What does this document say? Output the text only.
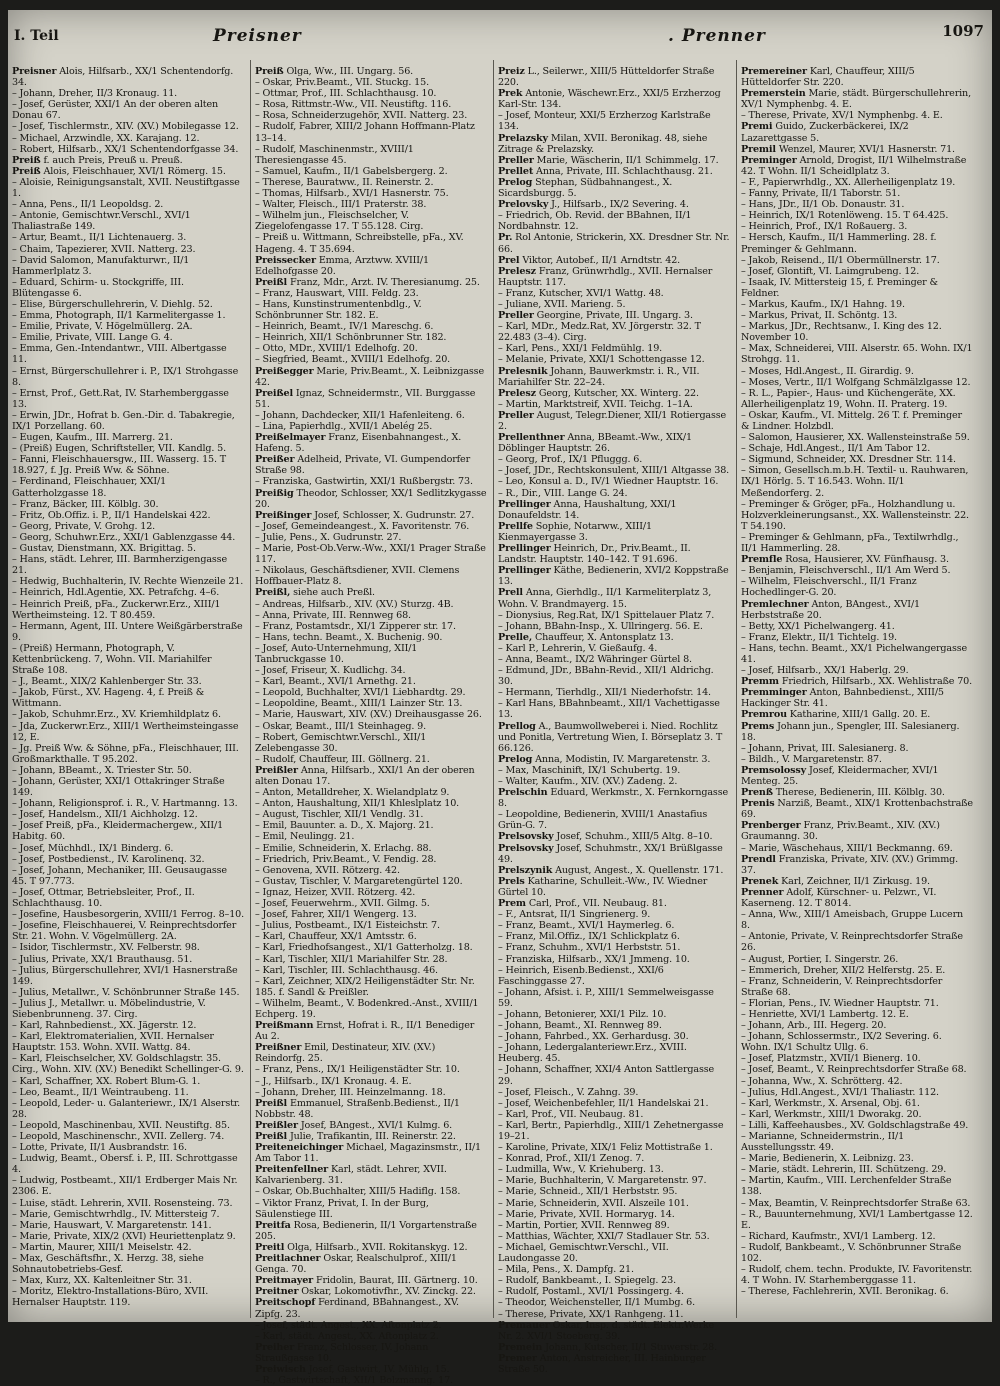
I. Teil	Preisner	. Prenner	1097
Preisner Alois, Hilfsarb., XX/1 Schentendorfg. 34.
– Johann, Dreher, II/3 Kronaug. 11.
– Josef, Gerüster, XXI/1 An der oberen alten Donau 67.
– Josef, Tischlermstr., XIV. (XV.) Mobilegasse 12.
– Michael, Arzwindle, XX. Karajang. 12.
– Robert, Hilfsarb., XX/1 Schentendorfgasse 34.
Preiß f. auch Preis, Preuß u. Preuß.
Preiß Alois, Fleischhauer, XVI/1 Römerg. 15.
– Aloisie, Reinigungsanstalt, XVII. Neustiftgasse 1.
– Anna, Pens., II/1 Leopoldsg. 2.
– Antonie, Gemischtwr.Verschl., XVI/1 Thaliastraße 149.
– Artur, Beamt., II/1 Lichtenauerg. 3.
– Chaim, Tapezierer, XVII. Natterg. 23.
– David Salomon, Manufakturwr., II/1 Hammerlplatz 3.
– Eduard, Schirm- u. Stockgriffe, III. Blütengasse 6.
– Elise, Bürgerschullehrerin, V. Diehlg. 52.
– Emma, Photograph, II/1 Karmelitergasse 1.
– Emilie, Private, V. Högelmüllerg. 2A.
– Emilie, Private, VIII. Lange G. 4.
– Emma, Gen.-Intendantwr., VIII. Albertgasse 11.
– Ernst, Bürgerschullehrer i. P., IX/1 Strohgasse 8.
– Ernst, Prof., Gett.Rat, IV. Starhemberggasse 13.
– Erwin, JDr., Hofrat b. Gen.-Dir. d. Tabakregie, IX/1 Porzellang. 60.
– Eugen, Kaufm., III. Marrerg. 21.
– (Preiß) Eugen, Schriftsteller, VII. Kandlg. 5.
– Fanni, Fleischhauersgw., III. Wasserg. 15. T 18.927, f. Jg. Preiß Ww. & Söhne.
– Ferdinand, Fleischhauer, XXI/1 Gatterholzgasse 18.
– Franz, Bäcker, III. Kölblg. 30.
– Fritz, Ob.Offiz. i. P., II/1 Handelskai 422.
– Georg, Private, V. Grohg. 12.
– Georg, Schuhwr.Erz., XXI/1 Gablenzgasse 44.
– Gustav, Dienstmann, XX. Brigittag. 5.
– Hans, städt. Lehrer, III. Barmherzigengasse 21.
– Hedwig, Buchhalterin, IV. Rechte Wienzeile 21.
– Heinrich, Hdl.Agentie, XX. Petrafchg. 4–6.
– Heinrich Preiß, pFa., Zuckerwr.Erz., XIII/1 Wertheimsteing. 12. T 80.459.
– Hermann, Agent, III. Untere Weißgärberstraße 9.
– (Preiß) Hermann, Photograph, V. Kettenbrückeng. 7, Wohn. VII. Mariahilfer Straße 108.
– J., Beamt., XIX/2 Kahlenberger Str. 33.
– Jakob, Fürst., XV. Hageng. 4, f. Preiß & Wittmann.
– Jakob, Schuhmr.Erz., XV. Kriemhildplatz 6.
– Jda, Zuckerwr.Erz., XIII/1 Wertheimsteingasse 12, E.
– Jg. Preiß Ww. & Söhne, pFa., Fleischhauer, III. Großmarkthalle. T 95.202.
– Johann, BBeamt., X. Triester Str. 50.
– Johann, Gerüster, XXI/1 Ottakringer Straße 149.
– Johann, Religionsprof. i. R., V. Hartmanng. 13.
– Josef, Handelsm., XII/1 Aichholzg. 12.
– Josef Preiß, pFa., Kleidermachergew., XII/1 Habitg. 60.
– Josef, Müchhdl., IX/1 Binderg. 6.
– Josef, Postbedienst., IV. Karolinenq. 32.
– Josef, Johann, Mechaniker, III. Geusaugasse 45. T 97.773.
– Josef, Ottmar, Betriebsleiter, Prof., II. Schlachthausg. 10.
– Josefine, Hausbesorgerin, XVIII/1 Ferrog. 8–10.
– Josefine, Fleischhauerei, V. Reinprechtsdorfer Str. 21. Wohn. V. Vögelmüllerg. 2A.
– Isidor, Tischlermstr., XV. Felberstr. 98.
– Julius, Private, XX/1 Brauthausg. 51.
– Julius, Bürgerschullehrer, XVI/1 Hasnerstraße 149.
– Julius, Metallwr., V. Schönbrunner Straße 145.
– Julius J., Metallwr. u. Möbelindustrie, V. Siebenbrunneng. 37. Cirg.
– Karl, Rahnbedienst., XX. Jägerstr. 12.
– Karl, Elektromaterialien, XVII. Hernalser Hauptstr. 153. Wohn. XVII. Wattg. 84.
– Karl, Fleischselcher, XV. Goldschlagstr. 35. Cirg., Wohn. XIV. (XV.) Benedikt Schellinger-G. 9.
– Karl, Schaffner, XX. Robert Blum-G. 1.
– Leo, Beamt., II/1 Weintraubeng. 11.
– Leopold, Leder- u. Galanteriewr., IX/1 Alserstr. 28.
– Leopold, Maschinenbau, XVII. Neustiftg. 85.
– Leopold, Maschinenschr., XVII. Zellerg. 74.
– Lotte, Private, II/1 Ausbrandstr. 16.
– Ludwig, Beamt., Obersf. i. P., III. Schrottgasse 4.
– Ludwig, Postbeamt., XII/1 Erdberger Mais Nr. 2306. E.
– Luise, städt. Lehrerin, XVII. Rosensteing. 73.
– Marie, Gemischtwrhdlg., IV. Mittersteig 7.
– Marie, Hauswart, V. Margaretenstr. 141.
– Marie, Private, XIX/2 (XVI) Heuriettenplatz 9.
– Martin, Maurer, XIII/1 Meiselstr. 42.
– Max, Geschäftsfhr., X. Herzg. 38, siehe Sohnautobetriebs-Gesf.
– Max, Kurz, XX. Kaltenleitner Str. 31.
– Moritz, Elektro-Installations-Büro, XVII. Hernalser Hauptstr. 119.
Preiß Olga, Ww., III. Ungarg. 56.
– Oskar, Priv.Beamt., VII. Stuckg. 15.
– Ottmar, Prof., III. Schlachthausg. 10.
– Rosa, Rittmstr.-Ww., VII. Neustiftg. 116.
– Rosa, Schneiderzugehör, XVII. Natterg. 23.
– Rudolf, Fabrer, XIII/2 Johann Hoffmann-Platz 13–14.
– Rudolf, Maschinenmstr., XVIII/1 Theresiengasse 45.
– Samuel, Kaufm., II/1 Gabelsbergerg. 2.
– Therese, Bauratww., II. Reinerstr. 2.
– Thomas, Hilfsarb., XVI/1 Hasnerstr. 75.
– Walter, Fleisch., III/1 Praterstr. 38.
– Wilhelm jun., Fleischselcher, V. Ziegelofengasse 17. T 55.128. Cirg.
– Preiß u. Wittmann, Schreibstelle, pFa., XV. Hageng. 4. T 35.694.
Preissecker Emma, Arztww. XVIII/1 Edelhofgasse 20.
Preißl Franz, Mdr., Arzt. IV. Theresianumg. 25.
– Franz, Hauswart, VIII. Feldg. 23.
– Hans, Kunstinstrumentenbdlg., V. Schönbrunner Str. 182. E.
– Heinrich, Beamt., IV/1 Mareschg. 6.
– Heinrich, XII/1 Schönbrunner Str. 182.
– Otto, MDr., XVIII/1 Edelhofg. 20.
– Siegfried, Beamt., XVIII/1 Edelhofg. 20.
Preißegger Marie, Priv.Beamt., X. Leibnizgasse 42.
Preißel Ignaz, Schneidermstr., VII. Burggasse 51.
– Johann, Dachdecker, XII/1 Hafenleiteng. 6.
– Lina, Papierhdlg., XVII/1 Abelég 25.
Preißelmayer Franz, Eisenbahnangest., X. Hafeng. 5.
Preißer Adelheid, Private, VI. Gumpendorfer Straße 98.
– Franziska, Gastwirtin, XXI/1 Rußbergstr. 73.
Preißig Theodor, Schlosser, XX/1 Sedlitzkygasse 20.
Preißinger Josef, Schlosser, X. Gudrunstr. 27.
– Josef, Gemeindeangest., X. Favoritenstr. 76.
– Julie, Pens., X. Gudrunstr. 27.
– Marie, Post-Ob.Verw.-Ww., XXI/1 Prager Straße 117.
– Nikolaus, Geschäftsdiener, XVII. Clemens Hoffbauer-Platz 8.
Preißl, siehe auch Preßl.
– Andreas, Hilfsarb., XIV. (XV.) Sturzg. 4B.
– Anna, Private, III. Rennweg 68.
– Franz, Postamtsdr., XI/1 Zipperer str. 17.
– Hans, techn. Beamt., X. Buchenig. 90.
– Josef, Auto-Unternehmung, XII/1 Tanbruckgasse 10.
– Josef, Friseur, X. Kudlichg. 34.
– Karl, Beamt., XVI/1 Arnethg. 21.
– Leopold, Buchhalter, XVI/1 Liebhardtg. 29.
– Leopoldine, Beamt., XIII/1 Lainzer Str. 13.
– Marie, Hauswart, XIV. (XV.) Dreihausgasse 26.
– Oskar, Beamt., III/1 Steinhageg. 9.
– Robert, Gemischtwr.Verschl., XII/1 Zelebengasse 30.
– Rudolf, Chauffeur, III. Göllnerg. 21.
Preißler Anna, Hilfsarb., XXI/1 An der oberen alten Donau 17.
– Anton, Metalldreher, X. Wielandplatz 9.
– Anton, Haushaltung, XII/1 Khleslplatz 10.
– August, Tischler, XII/1 Vendlg. 31.
– Emil, Bauunter. a. D., X. Majorg. 21.
– Emil, Neulingg. 21.
– Emilie, Schneiderin, X. Erlachg. 88.
– Friedrich, Priv.Beamt., V. Fendig. 28.
– Genovena, XVII. Rötzerg. 42.
– Gustav, Tischler, V. Margaretengürtel 120.
– Ignaz, Heizer, XVII. Rötzerg. 42.
– Josef, Feuerwehrm., XVII. Gilmg. 5.
– Josef, Fahrer, XII/1 Wengerg. 13.
– Julius, Postbeamt., IX/1 Eisteichstr. 7.
– Karl, Chauffeur, XX/1 Amtsstr. 6.
– Karl, Friedhofsangest., XI/1 Gatterholzg. 18.
– Karl, Tischler, XII/1 Mariahilfer Str. 28.
– Karl, Tischler, III. Schlachthausg. 46.
– Karl, Zeichner, XIX/2 Heiligenstädter Str. Nr. 185. f. Sandl & Preißler.
– Wilhelm, Beamt., V. Bodenkred.-Anst., XVIII/1 Echperg. 19.
Preißmann Ernst, Hofrat i. R., II/1 Benediger Au 2.
Preißner Emil, Destinateur, XIV. (XV.) Reindorfg. 25.
– Franz, Pens., IX/1 Heiligenstädter Str. 10.
– J., Hilfsarb., IX/1 Kronaug. 4. E.
– Johann, Dreher, III. Heinzelmanng. 18.
Preißl Emmanuel, Straßenb.Bedienst., II/1 Nobbstr. 48.
Preißler Josef, BAngest., XVI/1 Kulmg. 6.
Preißl Julie, Trafikantin, III. Reinerstr. 22.
Preiteneichinger Michael, Magazinsmstr., II/1 Am Tabor 11.
Preitenfellner Karl, städt. Lehrer, XVII. Kalvarienberg. 31.
– Oskar, Ob.Buchhalter, XIII/5 Hadiflg. 158.
– Viktor Franz, Privat, I. In der Burg, Säulenstiege III.
Preitfa Rosa, Bedienerin, II/1 Vorgartenstraße 205.
Preitl Olga, Hilfsarb., XVII. Rokitanskyg. 12.
Preitlachner Oskar, Realschulprof., XIII/1 Genga. 70.
Preitmayer Fridolin, Baurat, III. Gärtnerg. 10.
Preitner Oskar, Lokomotivfhr., XV. Zinckg. 22.
Preitschopf Ferdinand, BBahnangest., XV. Zipfg. 23.
– Josef, städt. Angest., XX. Aftonplatz 2.
– Karl, städt. Angest., XX. Aftonplatz 2.
Preiher Franz, Schlosser, IV. Johann Straußgasse 10.
Preiwisch Josef, Gastwirt, IV. Mühlg. 15.
– R., Gastwirtschaft, XII/1 Bolzmanng. 17.
Preiz L., Seilerwr., XIII/5 Hütteldorfer Straße 220.
Prek Antonie, Wäschewr.Erz., XXI/5 Erzherzog Karl-Str. 134.
– Josef, Monteur, XXI/5 Erzherzog Karlstraße 134.
Prelazsky Milan, XVII. Beronikag. 48, siehe Zitrage & Prelazsky.
Preller Marie, Wäscherin, II/1 Schimmelg. 17.
Prellet Anna, Private, III. Schlachthausg. 21.
Prelog Stephan, Südbahnangest., X. Sicardsburgg. 5.
Prelovsky J., Hilfsarb., IX/2 Severing. 4.
– Friedrich, Ob. Revid. der BBahnen, II/1 Nordbahnstr. 12.
Pr. Rol Antonie, Strickerin, XX. Dresdner Str. Nr. 66.
Prel Viktor, Autobef., II/1 Arndtstr. 42.
Prelesz Franz, Grünwrhdlg., XVII. Hernalser Hauptstr. 117.
– Franz, Kutscher, XVI/1 Wattg. 48.
– Juliane, XVII. Marieng. 5.
Preller Georgine, Private, III. Ungarg. 3.
– Karl, MDr., Medz.Rat, XV. Jörgerstr. 32. T 22.483 (3–4). Cirg.
– Karl, Pens., XXI/1 Feldmühlg. 19.
– Melanie, Private, XXI/1 Schottengasse 12.
Prelesnik Johann, Bauwerkmstr. i. R., VII. Mariahilfer Str. 22–24.
Prelesz Georg, Kutscher, XX. Winterg. 22.
– Martin, Marktstreif, XVII. Teichg. 1–1A.
Preller August, Telegr.Diener, XII/1 Rotiergasse 2.
Prellenthner Anna, BBeamt.-Ww., XIX/1 Döblinger Hauptstr. 26.
– Georg, Prof., IX/1 Pfluggg. 6.
– Josef, JDr., Rechtskonsulent, XIII/1 Altgasse 38.
– Leo, Konsul a. D., IV/1 Wiedner Hauptstr. 16.
– R., Dir., VIII. Lange G. 24.
Prellinger Anna, Haushaltung, XXI/1 Donaufeldstr. 14.
Prellfe Sophie, Notarww., XIII/1 Kienmayergasse 3.
Prellinger Heinrich, Dr., Priv.Beamt., II. Landstr. Hauptstr. 140–142. T 91.696.
Prellinger Käthe, Bedienerin, XVI/2 Koppstraße 13.
Prell Anna, Gierhdlg., II/1 Karmeliterplatz 3, Wohn. V. Brandmayerg. 15.
– Dionysius, Reg.Rat, IX/1 Spittelauer Platz 7.
– Johann, BBahn-Insp., X. Ullringerg. 56. E.
Prelle, Chauffeur, X. Antonsplatz 13.
– Karl P., Lehrerin, V. Gießaufg. 4.
– Anna, Beamt., IX/2 Währinger Gürtel 8.
– Edmund, JDr., BBahn-Revid., XII/1 Aldrichg. 30.
– Hermann, Tierhdlg., XII/1 Niederhofstr. 14.
– Karl Hans, BBahnbeamt., XII/1 Vachettigasse 13.
Prellog A., Baumwollweberei i. Nied. Rochlitz und Ponitla, Vertretung Wien, I. Börseplatz 3. T 66.126.
Prelog Anna, Modistin, IV. Margaretenstr. 3.
– Max, Maschinift, IX/1 Schubertg. 19.
– Walter, Kaufm., XIV. (XV.) Zadeng. 2.
Prelschin Eduard, Werkmstr., X. Fernkorngasse 8.
– Leopoldine, Bedienerin, XVIII/1 Anastafius Grün-G. 7.
Prelsovsky Josef, Schuhm., XIII/5 Altg. 8–10.
Prelsovsky Josef, Schuhmstr., XX/1 Brüßlgasse 49.
Prelszynik August, Angest., X. Quellenstr. 171.
Prels Katharine, Schulleit.-Ww., IV. Wiedner Gürtel 10.
Prem Carl, Prof., VII. Neubaug. 81.
– F., Antsrat, II/1 Singrienerg. 9.
– Franz, Beamt., XVI/1 Haymerleg. 6.
– Franz, Mil.Offiz., IX/1 Schlickplatz 6.
– Franz, Schuhm., XVI/1 Herbststr. 51.
– Franziska, Hilfsarb., XX/1 Jmmeng. 10.
– Heinrich, Eisenb.Bedienst., XXI/6 Faschinggasse 27.
– Johann, Afsist. i. P., XIII/1 Semmelweisgasse 59.
– Johann, Betonierer, XXI/1 Pilz. 10.
– Johann, Beamt., XI. Rennweg 89.
– Johann, Fahrbed., XX. Gerhardusg. 30.
– Johann, Ledergalanteriewr.Erz., XVIII. Heuberg. 45.
– Johann, Schaffner, XXI/4 Anton Sattlergasse 29.
– Josef, Fleisch., V. Zahng. 39.
– Josef, Weichenbefehler, II/1 Handelskai 21.
– Karl, Prof., VII. Neubaug. 81.
– Karl, Bertr., Papierhdlg., XIII/1 Zehetnergasse 19–21.
– Karoline, Private, XIX/1 Feliz Mottistraße 1.
– Konrad, Prof., XII/1 Zenog. 7.
– Ludmilla, Ww., V. Kriehuberg. 13.
– Marie, Buchhalterin, V. Margaretenstr. 97.
– Marie, Schneid., XII/1 Herbststr. 95.
– Marie, Schneiderin, XVII. Alszeile 101.
– Marie, Private, XVII. Hormaryg. 14.
– Martin, Portier, XVII. Rennweg 89.
– Matthias, Wächter, XXI/7 Stadlauer Str. 53.
– Michael, Gemischtwr.Verschl., VII. Laudongasse 20.
– Mila, Pens., X. Dampfg. 21.
– Rudolf, Bankbeamt., I. Spiegelg. 23.
– Rudolf, Postaml., XVI/1 Possingerg. 4.
– Theodor, Weichensteller, II/1 Mumbg. 6.
– Therese, Private, XX/1 Ranhgeng. 11.
Premauer Oskar, Insp. d. städt. Elektr.Werke Nr. 2. XVI/1 Stoeberg. 39.
Premein Johann, Kutscher, II/1 Stuwerstr. 28.
Premer Anton, Anstreicher, III. Hainburger Straße 50.
Premereiner Karl, Chauffeur, XIII/5 Hütteldorfer Str. 220.
Premerstein Marie, städt. Bürgerschullehrerin, XV/1 Nymphenbg. 4. E.
– Therese, Private, XV/1 Nymphenbg. 4. E.
Premi Guido, Zuckerbäckerei, IX/2 Lazarettgasse 5.
Premil Wenzel, Maurer, XVI/1 Hasnerstr. 71.
Preminger Arnold, Drogist, II/1 Wilhelmstraße 42. T Wohn. II/1 Scheidlplatz 3.
– F., Papierwrhdlg., XX. Allerheiligenplatz 19.
– Fanny, Private, II/1 Taborstr. 51.
– Hans, JDr., II/1 Ob. Donaustr. 31.
– Heinrich, IX/1 Rotenlöweng. 15. T 64.425.
– Heinrich, Prof., IX/1 Roßauerg. 3.
– Hersch, Kaufm., II/1 Hammerling. 28. f. Preminger & Gehlmann.
– Jakob, Reisend., II/1 Obermüllnerstr. 17.
– Josef, Glontift, VI. Laimgrubeng. 12.
– Isaak, IV. Mittersteig 15, f. Preminger & Feldner.
– Markus, Kaufm., IX/1 Hahng. 19.
– Markus, Privat, II. Schöntg. 13.
– Markus, JDr., Rechtsanw., I. King des 12. November 10.
– Max, Schneiderei, VIII. Alserstr. 65. Wohn. IX/1 Strohgg. 11.
– Moses, Hdl.Angest., II. Girardig. 9.
– Moses, Vertr., II/1 Wolfgang Schmälzlgasse 12.
– R. L., Papier-, Haus- und Küchengeräte, XX. Allerheiligenplatz 19, Wohn. II. Praterg. 19.
– Oskar, Kaufm., VI. Mittelg. 26 T. f. Preminger & Lindner. Holzbdl.
– Salomon, Hausierer, XX. Wallensteinstraße 59.
– Schaje, Hdl.Angest., II/1 Am Tabor 12.
– Sigmund, Schneider, XX. Dresdner Str. 114.
– Simon, Gesellsch.m.b.H. Textil- u. Rauhwaren, IX/1 Hörlg. 5. T 16.543. Wohn. II/1 Meßendorferg. 2.
– Preminger & Gröger, pFa., Holzhandlung u. Holzverkleinerungsanst., XX. Wallensteinstr. 22. T 54.190.
– Preminger & Gehlmann, pFa., Textilwrhdlg., II/1 Hammerling. 28.
Premfle Rosa, Hausierer, XV. Fünfhausg. 3.
– Benjamin, Fleischverschl., II/1 Am Werd 5.
– Wilhelm, Fleischverschl., II/1 Franz Hochedlinger-G. 20.
Premlechner Anton, BAngest., XVI/1 Herbststraße 20.
– Betty, XX/1 Pichelwangerg. 41.
– Franz, Elektr., II/1 Tichtelg. 19.
– Hans, techn. Beamt., XX/1 Pichelwangergasse 41.
– Josef, Hilfsarb., XX/1 Haberlg. 29.
Premm Friedrich, Hilfsarb., XX. Wehlistraße 70.
Premminger Anton, Bahnbedienst., XIII/5 Hackinger Str. 41.
Premrou Katharine, XIII/1 Gallg. 20. E.
Prems Johann jun., Spengler, III. Salesianerg. 18.
– Johann, Privat, III. Salesianerg. 8.
– Bildh., V. Margaretenstr. 87.
Premsolossy Josef, Kleidermacher, XVI/1 Menteg. 25.
Prenß Therese, Bedienerin, III. Kölblg. 30.
Prenis Narziß, Beamt., XIX/1 Krottenbachstraße 69.
Prenberger Franz, Priv.Beamt., XIV. (XV.) Graumanng. 30.
– Marie, Wäschehaus, XIII/1 Beckmanng. 69.
Prendl Franziska, Private, XIV. (XV.) Grimmg. 37.
Prenek Karl, Zeichner, II/1 Zirkusg. 19.
Prenner Adolf, Kürschner- u. Pelzwr., VI. Kaserneng. 12. T 8014.
– Anna, Ww., XIII/1 Ameisbach, Gruppe Lucern 8.
– Antonie, Private, V. Reinprechtsdorfer Straße 26.
– August, Portier, I. Singerstr. 26.
– Emmerich, Dreher, XII/2 Helferstg. 25. E.
– Franz, Schneiderin, V. Reinprechtsdorfer Straße 68.
– Florian, Pens., IV. Wiedner Hauptstr. 71.
– Henriette, XVI/1 Lambertg. 12. E.
– Johann, Arb., III. Hegerg. 20.
– Johann, Schlossermstr., IX/2 Severing. 6. Wohn. IX/1 Schultz Ullg. 6.
– Josef, Platzmstr., XVII/1 Bienerg. 10.
– Josef, Beamt., V. Reinprechtsdorfer Straße 68.
– Johanna, Ww., X. Schrötterg. 42.
– Julius, Hdl.Angest., XVI/1 Thaliastr. 112.
– Karl, Werkmstr., X. Arsenal, Obj. 61.
– Karl, Werkmstr., XIII/1 Dworakg. 20.
– Lilli, Kaffeehausbes., XV. Goldschlagstraße 49.
– Marianne, Schneidermstrin., II/1 Ausstellungsstr. 49.
– Marie, Bedienerin, X. Leibnizg. 23.
– Marie, städt. Lehrerin, III. Schützeng. 29.
– Martin, Kaufm., VIII. Lerchenfelder Straße 138.
– Max, Beamtin, V. Reinprechtsdorfer Straße 63.
– R., Bauunternehmung, XVI/1 Lambertgasse 12. E.
– Richard, Kaufmstr., XVI/1 Lamberg. 12.
– Rudolf, Bankbeamt., V. Schönbrunner Straße 102.
– Rudolf, chem. techn. Produkte, IV. Favoritenstr. 4. T Wohn. IV. Starhemberggasse 11.
– Therese, Fachlehrerin, XVII. Beronikag. 6.
